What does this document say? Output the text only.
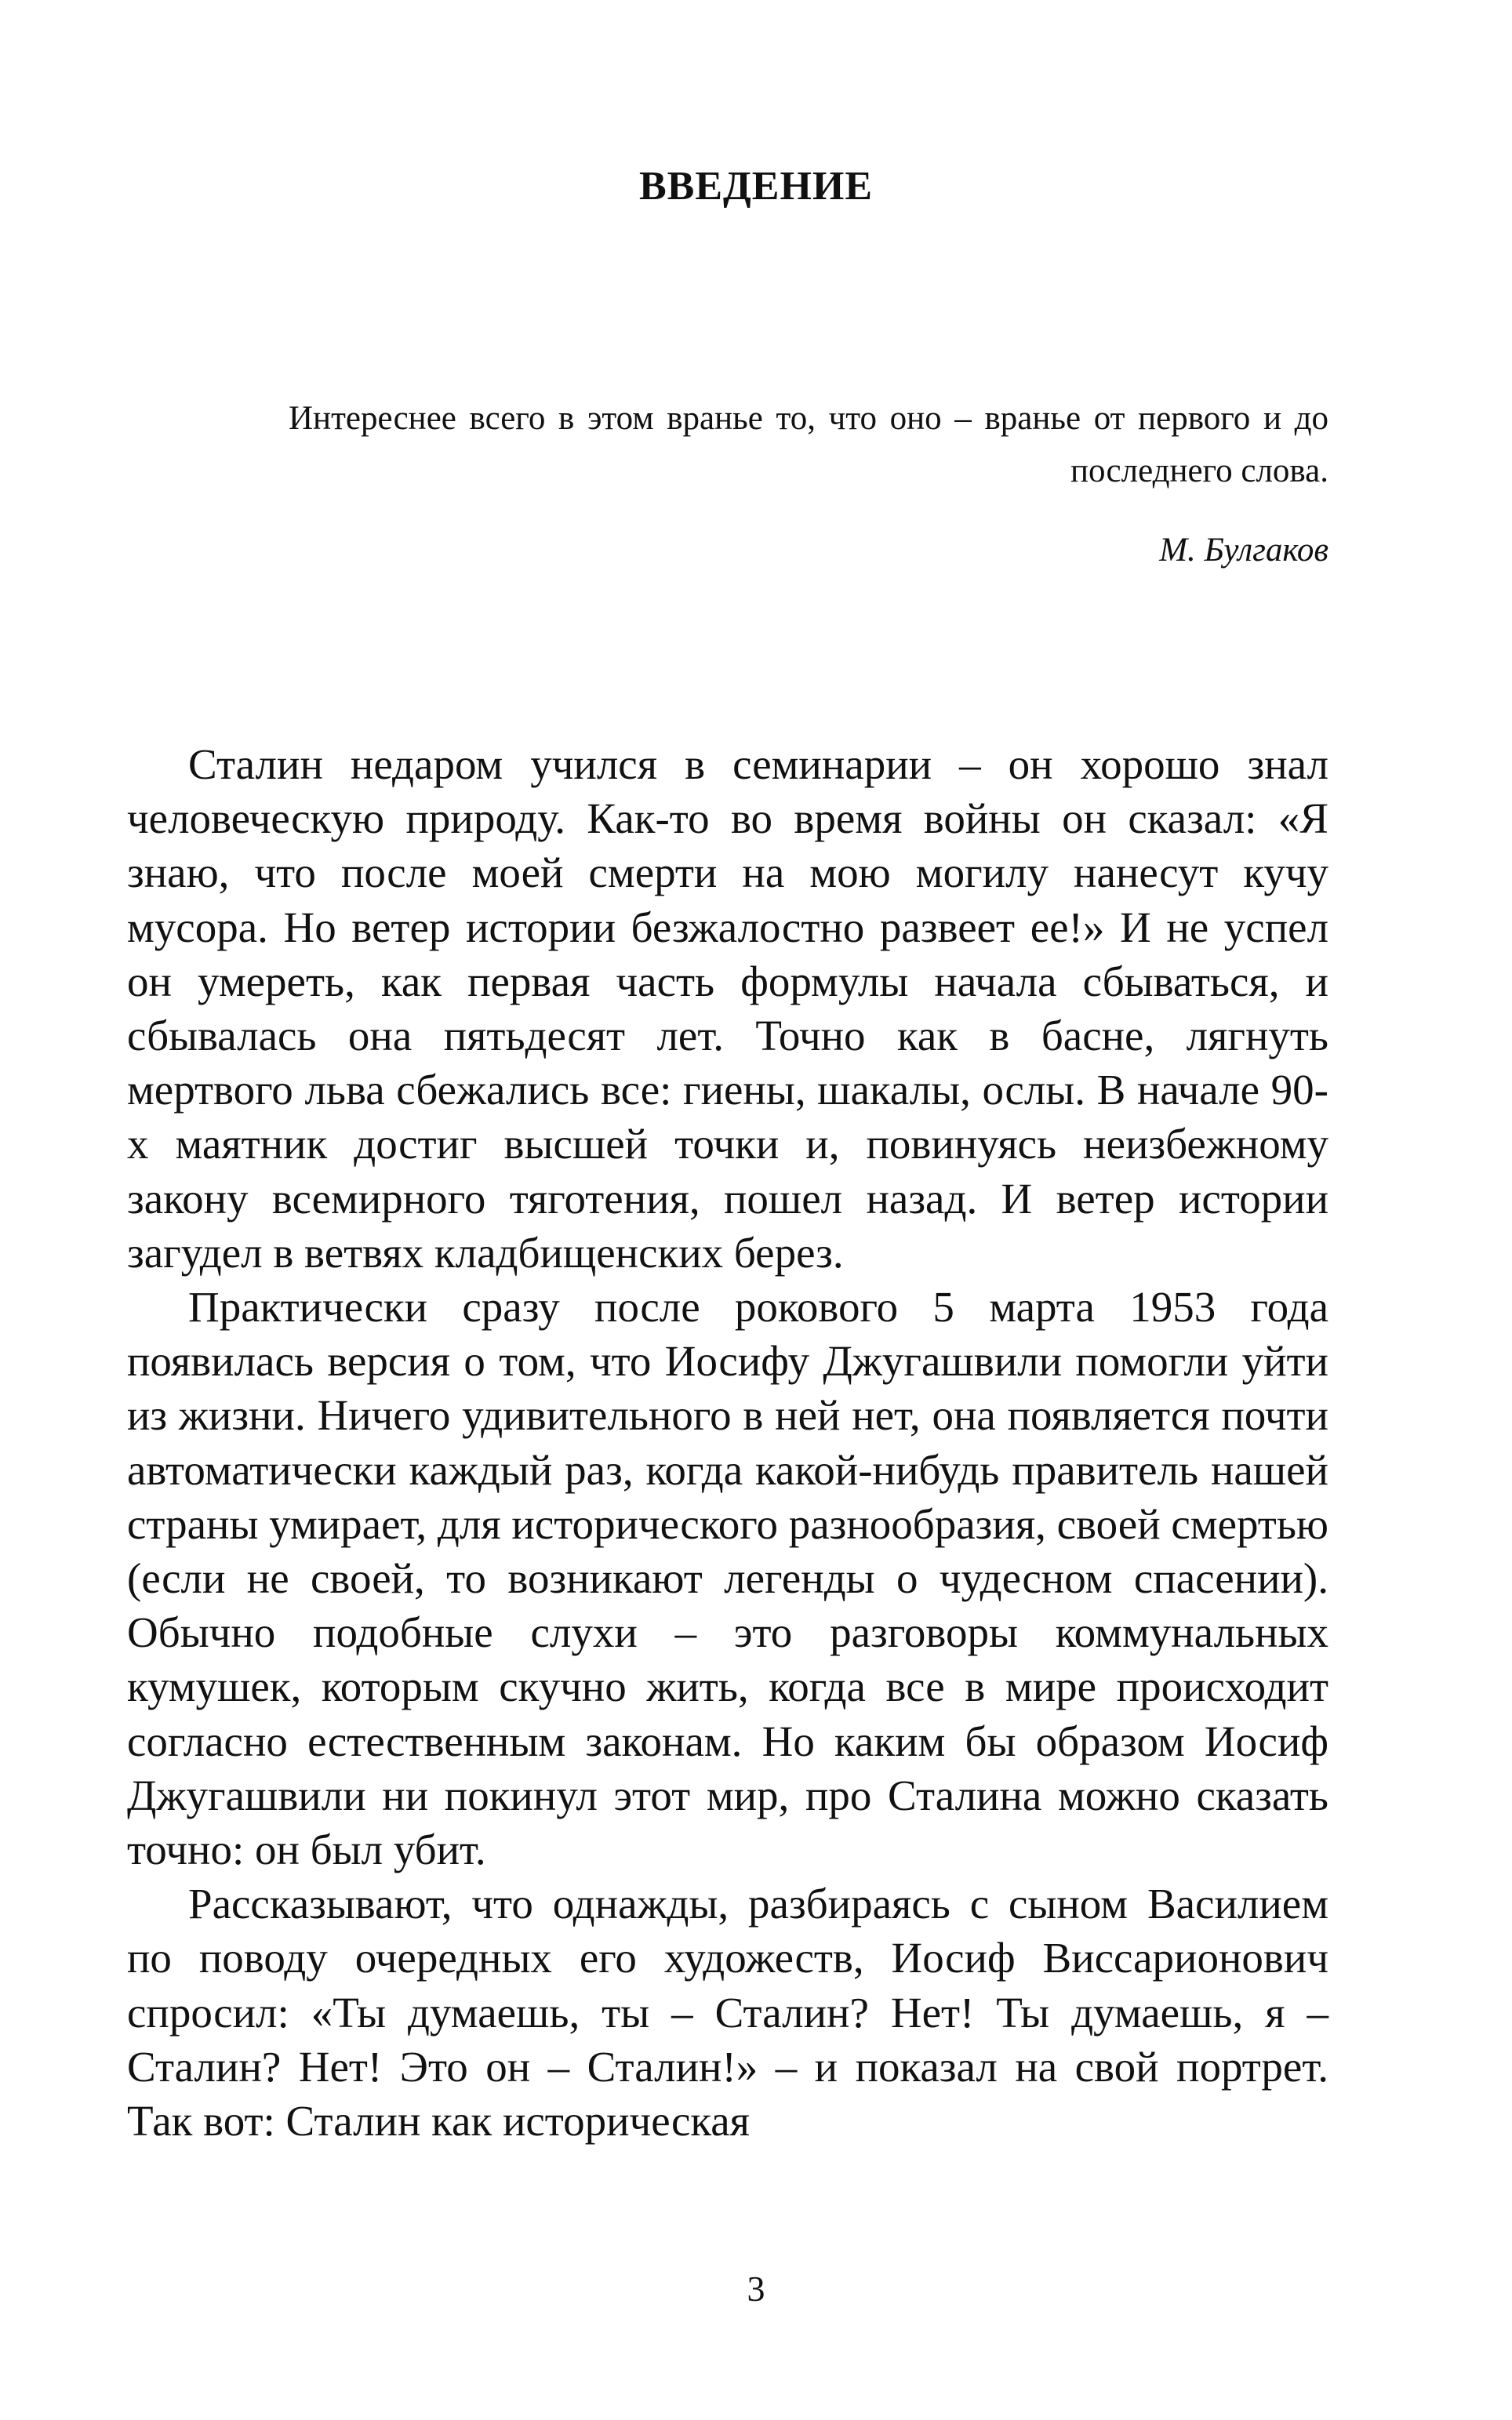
ВВЕДЕНИЕ

Интереснее всего в этом вранье то, что оно – вранье от первого и до последнего слова.

М. Булгаков

Сталин недаром учился в семинарии – он хорошо знал человеческую природу. Как-то во время войны он сказал: «Я знаю, что после моей смерти на мою могилу нанесут кучу мусора. Но ветер истории безжалостно развеет ее!» И не успел он умереть, как первая часть формулы начала сбываться, и сбывалась она пятьдесят лет. Точно как в басне, лягнуть мертвого льва сбежались все: гиены, шакалы, ослы. В начале 90-х маятник достиг высшей точки и, повинуясь неизбежному закону всемирного тяготения, пошел назад. И ветер истории загудел в ветвях кладбищенских берез.

Практически сразу после рокового 5 марта 1953 года появилась версия о том, что Иосифу Джугашвили помогли уйти из жизни. Ничего удивительного в ней нет, она появляется почти автоматически каждый раз, когда какой-нибудь правитель нашей страны умирает, для исторического разнообразия, своей смертью (если не своей, то возникают легенды о чудесном спасении). Обычно подобные слухи – это разговоры коммунальных кумушек, которым скучно жить, когда все в мире происходит согласно естественным законам. Но каким бы образом Иосиф Джугашвили ни покинул этот мир, про Сталина можно сказать точно: он был убит.

Рассказывают, что однажды, разбираясь с сыном Василием по поводу очередных его художеств, Иосиф Виссарионович спросил: «Ты думаешь, ты – Сталин? Нет! Ты думаешь, я – Сталин? Нет! Это он – Сталин!» – и показал на свой портрет. Так вот: Сталин как историческая

3
